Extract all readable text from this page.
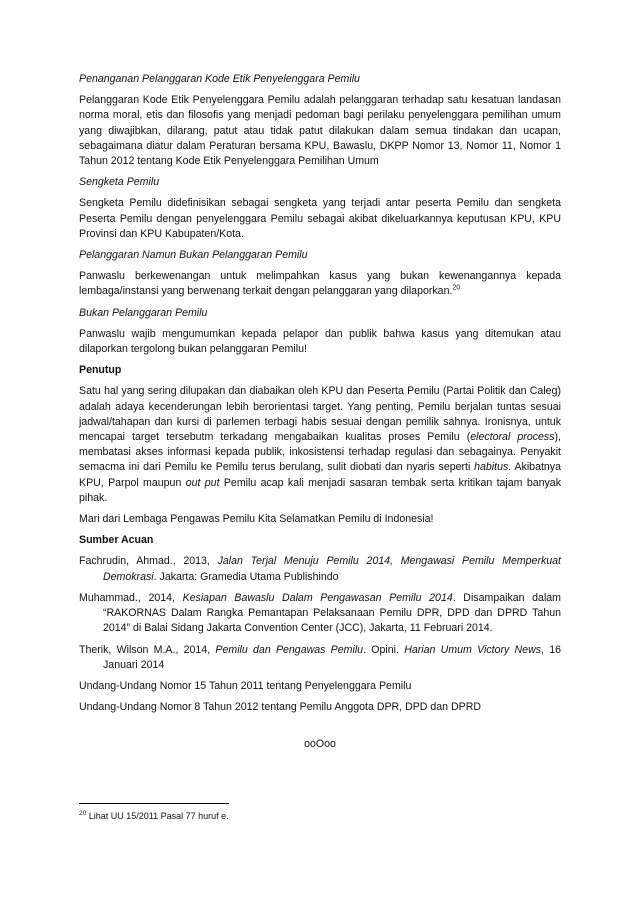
Penanganan Pelanggaran Kode Etik Penyelenggara Pemilu

Pelanggaran Kode Etik Penyelenggara Pemilu adalah pelanggaran terhadap satu kesatuan landasan norma moral, etis dan filosofis yang menjadi pedoman bagi perilaku penyelenggara pemilihan umum yang diwajibkan, dilarang, patut atau tidak patut dilakukan dalam semua tindakan dan ucapan, sebagaimana diatur dalam Peraturan bersama KPU, Bawaslu, DKPP Nomor 13, Nomor 11, Nomor 1 Tahun 2012 tentang Kode Etik Penyelenggara Pemilihan Umum

Sengketa Pemilu

Sengketa Pemilu didefinisikan sebagai sengketa yang terjadi antar peserta Pemilu dan sengketa Peserta Pemilu dengan penyelenggara Pemilu sebagai akibat dikeluarkannya keputusan KPU, KPU Provinsi dan KPU Kabupaten/Kota.

Pelanggaran Namun Bukan Pelanggaran Pemilu

Panwaslu berkewenangan untuk melimpahkan kasus yang bukan kewenangannya kepada lembaga/instansi yang berwenang terkait dengan pelanggaran yang dilaporkan.$^{20}$

Bukan Pelanggaran Pemilu

Panwaslu wajib mengumumkan kepada pelapor dan publik bahwa kasus yang ditemukan atau dilaporkan tergolong bukan pelanggaran Pemilu!

Penutup

Satu hal yang sering dilupakan dan diabaikan oleh KPU dan Peserta Pemilu (Partai Politik dan Caleg) adalah adaya kecenderungan lebih berorientasi target. Yang penting, Pemilu berjalan tuntas sesuai jadwal/tahapan dan kursi di parlemen terbagi habis sesuai dengan pemilik sahnya. Ironisnya, untuk mencapai target tersebutm terkadang mengabaikan kualitas proses Pemilu (electoral process), membatasi akses informasi kepada publik, inkosistensi terhadap regulasi dan sebagainya. Penyakit semacma ini dari Pemilu ke Pemilu terus berulang, sulit diobati dan nyaris seperti habitus. Akibatnya KPU, Parpol maupun out put Pemilu acap kali menjadi sasaran tembak serta kritikan tajam banyak pihak.

Mari dari Lembaga Pengawas Pemilu Kita Selamatkan Pemilu di Indonesia!

Sumber Acuan

Fachrudin, Ahmad., 2013, Jalan Terjal Menuju Pemilu 2014, Mengawasi Pemilu Memperkuat Demokrasi. Jakarta: Gramedia Utama Publishindo

Muhammad., 2014, Kesiapan Bawaslu Dalam Pengawasan Pemilu 2014. Disampaikan dalam “RAKORNAS Dalam Rangka Pemantapan Pelaksanaan Pemilu DPR, DPD dan DPRD Tahun 2014” di Balai Sidang Jakarta Convention Center (JCC), Jakarta, 11 Februari 2014.

Therik, Wilson M.A., 2014, Pemilu dan Pengawas Pemilu. Opini. Harian Umum Victory News, 16 Januari 2014

Undang-Undang Nomor 15 Tahun 2011 tentang Penyelenggara Pemilu

Undang-Undang Nomor 8 Tahun 2012 tentang Pemilu Anggota DPR, DPD dan DPRD

ooOoo

$^{20}$ Lihat UU 15/2011 Pasal 77 huruf e.
